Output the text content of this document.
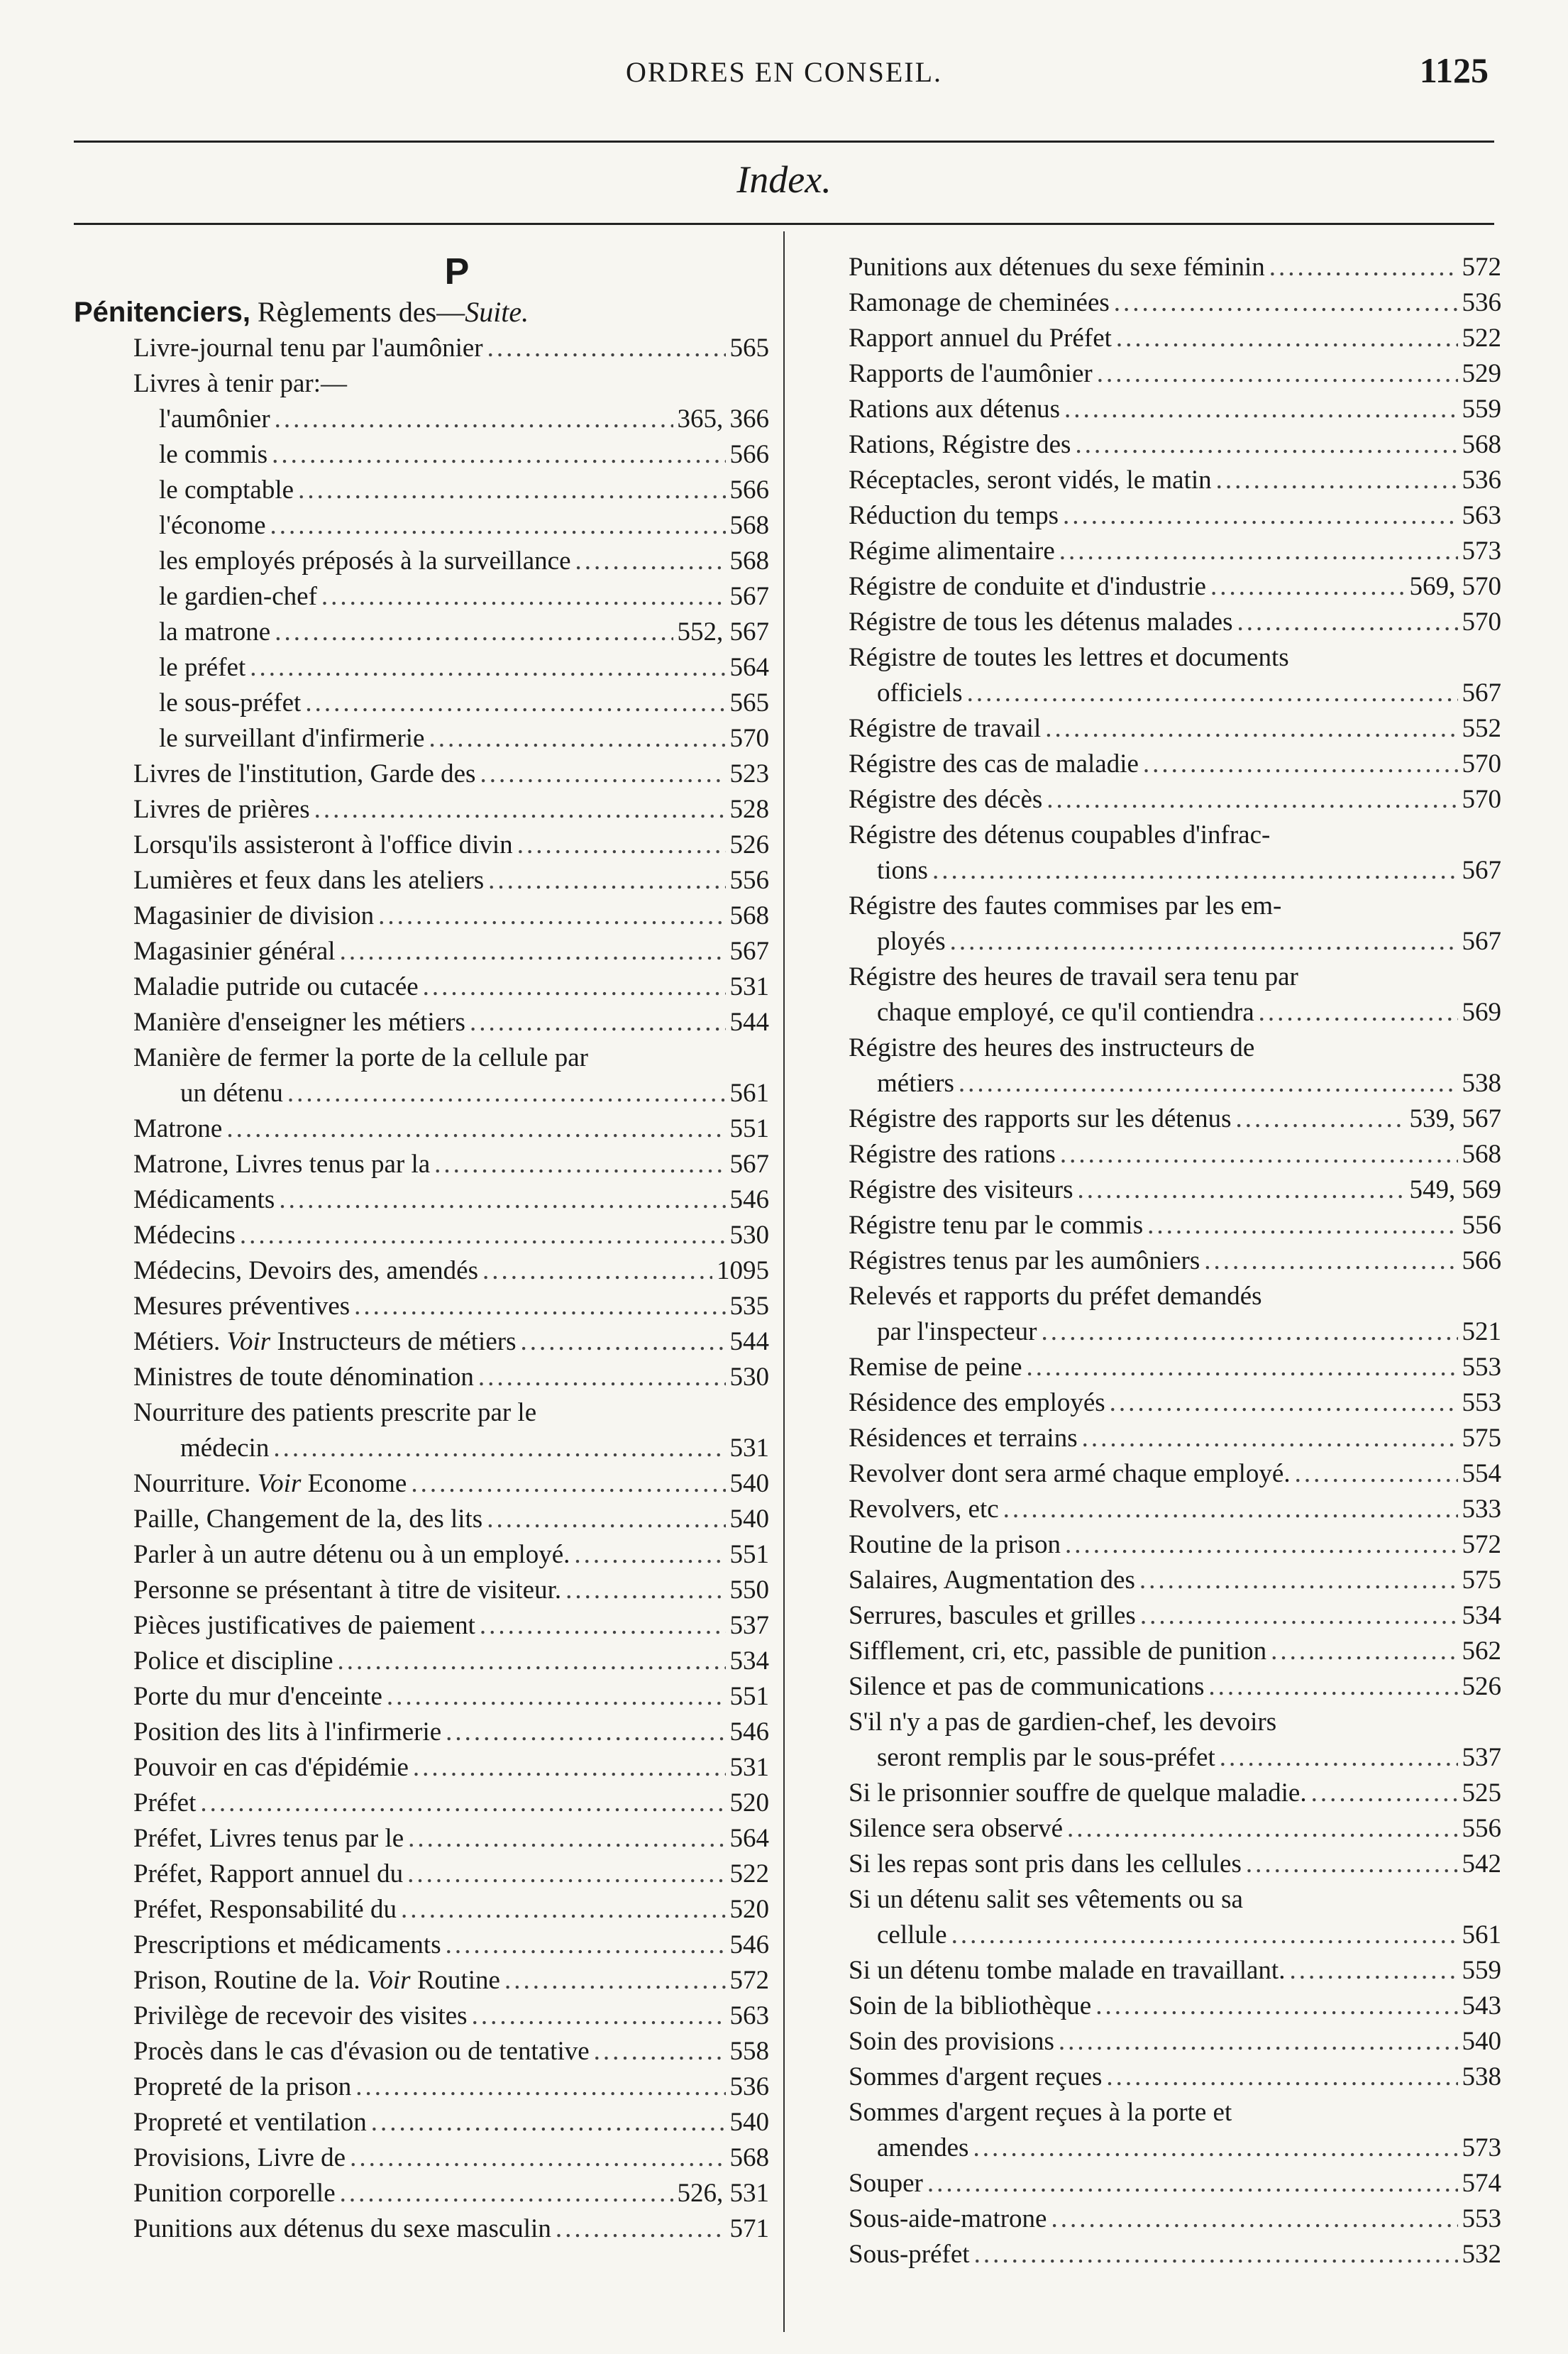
ORDRES EN CONSEIL.	1125
Index.
P
Pénitenciers, Règlements des—Suite.
Livre-journal tenu par l'aumônier .....	565
Livres à tenir par:—
l'aumônier .....	365, 366
le commis .....	566
le comptable .....	566
l'économe .....	568
les employés préposés à la surveillance .....	568
le gardien-chef .....	567
la matrone .....	552, 567
le préfet .....	564
le sous-préfet .....	565
le surveillant d'infirmerie .....	570
Livres de l'institution, Garde des .....	523
Livres de prières .....	528
Lorsqu'ils assisteront à l'office divin .....	526
Lumières et feux dans les ateliers .....	556
Magasinier de division .....	568
Magasinier général .....	567
Maladie putride ou cutacée .....	531
Manière d'enseigner les métiers .....	544
Manière de fermer la porte de la cellule par
un détenu .....	561
Matrone .....	551
Matrone, Livres tenus par la .....	567
Médicaments .....	546
Médecins .....	530
Médecins, Devoirs des, amendés .....	1095
Mesures préventives .....	535
Métiers. Voir Instructeurs de métiers .....	544
Ministres de toute dénomination .....	530
Nourriture des patients prescrite par le
médecin .....	531
Nourriture. Voir Econome .....	540
Paille, Changement de la, des lits .....	540
Parler à un autre détenu ou à un employé. .....	551
Personne se présentant à titre de visiteur. .....	550
Pièces justificatives de paiement .....	537
Police et discipline .....	534
Porte du mur d'enceinte .....	551
Position des lits à l'infirmerie .....	546
Pouvoir en cas d'épidémie .....	531
Préfet .....	520
Préfet, Livres tenus par le .....	564
Préfet, Rapport annuel du .....	522
Préfet, Responsabilité du .....	520
Prescriptions et médicaments .....	546
Prison, Routine de la. Voir Routine .....	572
Privilège de recevoir des visites .....	563
Procès dans le cas d'évasion ou de tentative .....	558
Propreté de la prison .....	536
Propreté et ventilation .....	540
Provisions, Livre de .....	568
Punition corporelle .....	526, 531
Punitions aux détenus du sexe masculin .....	571
Punitions aux détenues du sexe féminin .....	572
Ramonage de cheminées .....	536
Rapport annuel du Préfet .....	522
Rapports de l'aumônier .....	529
Rations aux détenus .....	559
Rations, Régistre des .....	568
Réceptacles, seront vidés, le matin .....	536
Réduction du temps .....	563
Régime alimentaire .....	573
Régistre de conduite et d'industrie .....	569, 570
Régistre de tous les détenus malades .....	570
Régistre de toutes les lettres et documents
officiels .....	567
Régistre de travail .....	552
Régistre des cas de maladie .....	570
Régistre des décès .....	570
Régistre des détenus coupables d'infrac-
tions .....	567
Régistre des fautes commises par les em-
ployés .....	567
Régistre des heures de travail sera tenu par
chaque employé, ce qu'il contiendra .....	569
Régistre des heures des instructeurs de
métiers .....	538
Régistre des rapports sur les détenus .....	539, 567
Régistre des rations .....	568
Régistre des visiteurs .....	549, 569
Régistre tenu par le commis .....	556
Régistres tenus par les aumôniers .....	566
Relevés et rapports du préfet demandés
par l'inspecteur .....	521
Remise de peine .....	553
Résidence des employés .....	553
Résidences et terrains .....	575
Revolver dont sera armé chaque employé. .....	554
Revolvers, etc .....	533
Routine de la prison .....	572
Salaires, Augmentation des .....	575
Serrures, bascules et grilles .....	534
Sifflement, cri, etc, passible de punition .....	562
Silence et pas de communications .....	526
S'il n'y a pas de gardien-chef, les devoirs
seront remplis par le sous-préfet .....	537
Si le prisonnier souffre de quelque maladie. .....	525
Silence sera observé .....	556
Si les repas sont pris dans les cellules .....	542
Si un détenu salit ses vêtements ou sa
cellule .....	561
Si un détenu tombe malade en travaillant. .....	559
Soin de la bibliothèque .....	543
Soin des provisions .....	540
Sommes d'argent reçues .....	538
Sommes d'argent reçues à la porte et
amendes .....	573
Souper .....	574
Sous-aide-matrone .....	553
Sous-préfet .....	532
